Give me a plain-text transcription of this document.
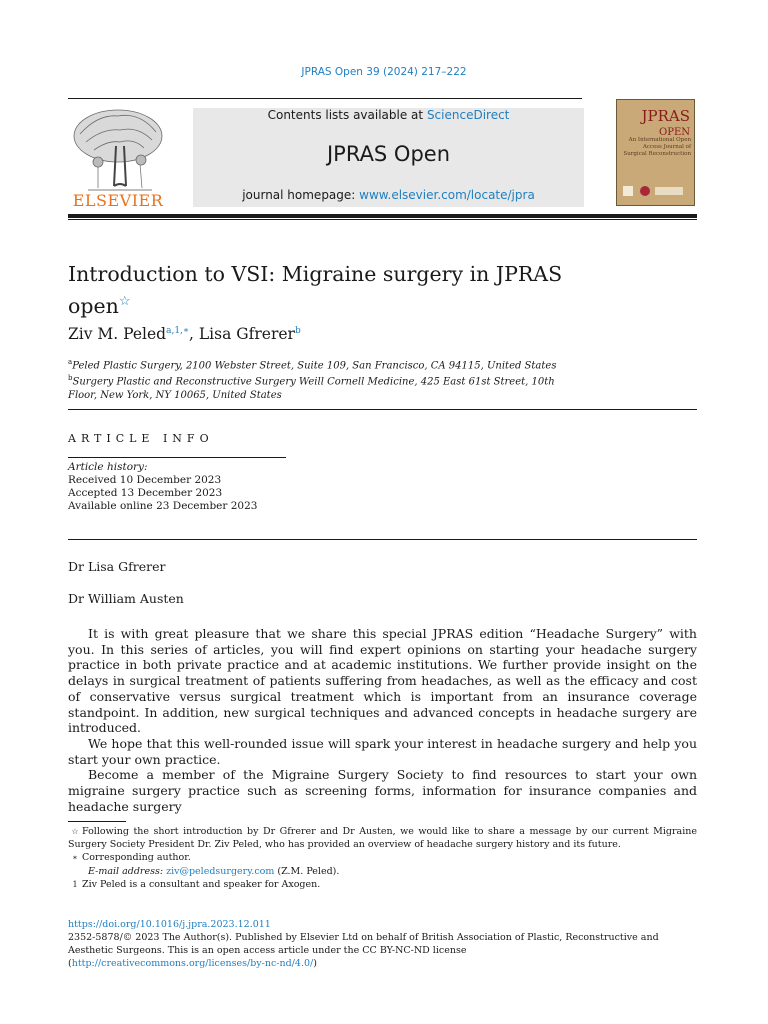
JPRAS Open 39 (2024) 217–222
ELSEVIER
Contents lists available at ScienceDirect
JPRAS Open
journal homepage: www.elsevier.com/locate/jpra
JPRAS
OPEN
An International Open Access Journal of Surgical Reconstruction
Introduction to VSI: Migraine surgery in JPRAS open☆
Ziv M. Peled$^{a,1,∗}$, Lisa Gfrerer$^b$
$^a$Peled Plastic Surgery, 2100 Webster Street, Suite 109, San Francisco, CA 94115, United States
$^b$Surgery Plastic and Reconstructive Surgery Weill Cornell Medicine, 425 East 61st Street, 10th Floor, New York, NY 10065, United States
ARTICLE INFO
Article history:
Received 10 December 2023
Accepted 13 December 2023
Available online 23 December 2023
Dr Lisa Gfrerer
Dr William Austen

It is with great pleasure that we share this special JPRAS edition “Headache Surgery” with you. In this series of articles, you will find expert opinions on starting your headache surgery practice in both private practice and at academic institutions. We further provide insight on the delays in surgical treatment of patients suffering from headaches, as well as the efficacy and cost of conservative versus surgical treatment which is important from an insurance coverage standpoint. In addition, new surgical techniques and advanced concepts in headache surgery are introduced.

We hope that this well-rounded issue will spark your interest in headache surgery and help you start your own practice.

Become a member of the Migraine Surgery Society to find resources to start your own migraine surgery practice such as screening forms, information for insurance companies and headache surgery

☆ Following the short introduction by Dr Gfrerer and Dr Austen, we would like to share a message by our current Migraine Surgery Society President Dr. Ziv Peled, who has provided an overview of headache surgery history and its future.
∗ Corresponding author.
E-mail address: ziv@peledsurgery.com (Z.M. Peled).
1 Ziv Peled is a consultant and speaker for Axogen.
https://doi.org/10.1016/j.jpra.2023.12.011
2352-5878/© 2023 The Author(s). Published by Elsevier Ltd on behalf of British Association of Plastic, Reconstructive and Aesthetic Surgeons. This is an open access article under the CC BY-NC-ND license
(http://creativecommons.org/licenses/by-nc-nd/4.0/)
